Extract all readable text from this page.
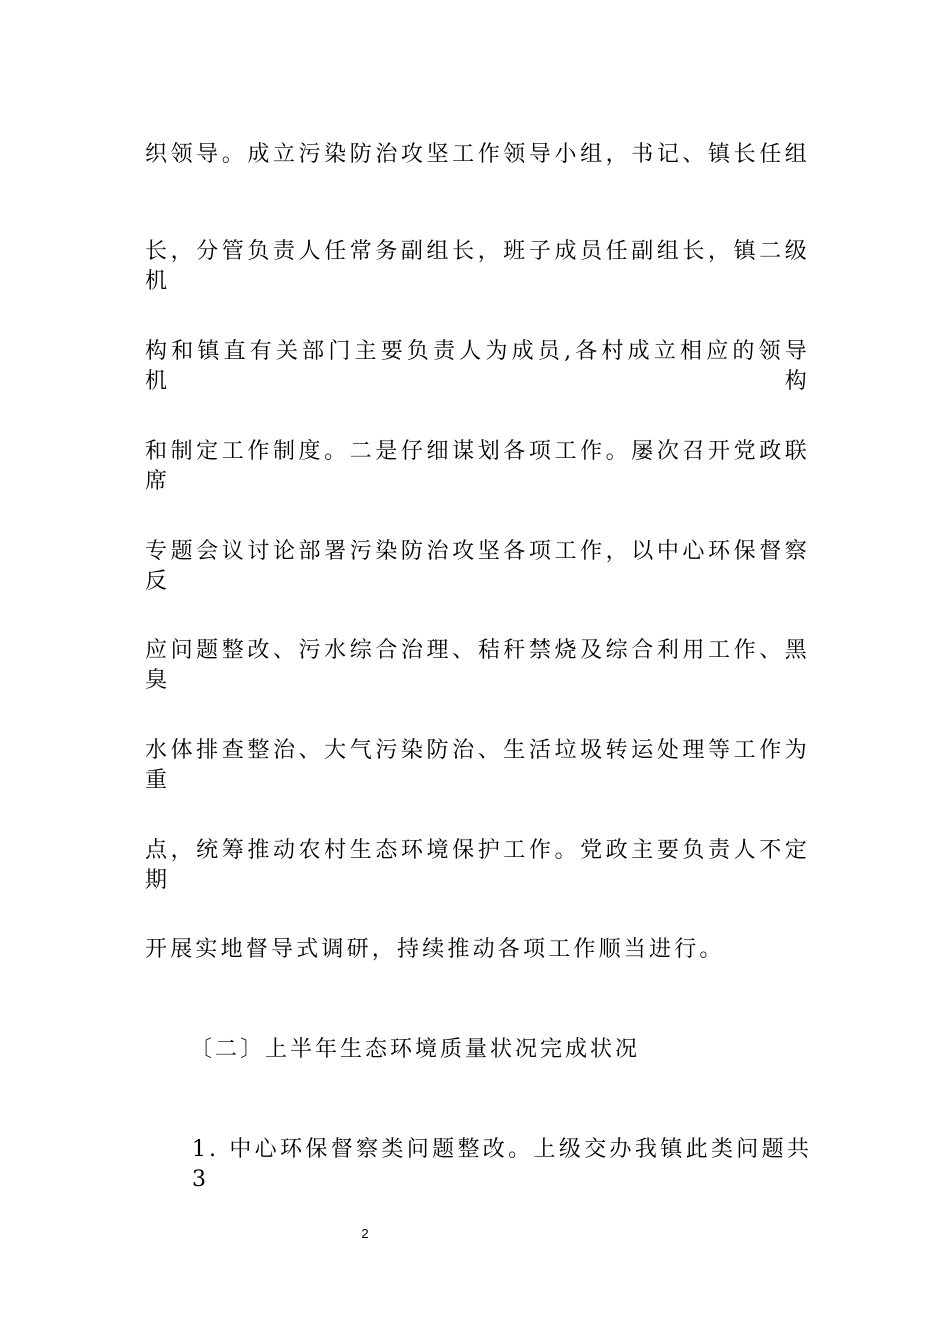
织领导。成立污染防治攻坚工作领导小组，书记、镇长任组
长，分管负责人任常务副组长，班子成员任副组长，镇二级机
构和镇直有关部门主要负责人为成员,各村成立相应的领导机构
和制定工作制度。二是仔细谋划各项工作。屡次召开党政联席
专题会议讨论部署污染防治攻坚各项工作，以中心环保督察反
应问题整改、污水综合治理、秸秆禁烧及综合利用工作、黑臭
水体排查整治、大气污染防治、生活垃圾转运处理等工作为重
点，统筹推动农村生态环境保护工作。党政主要负责人不定期
开展实地督导式调研，持续推动各项工作顺当进行。
〔二〕上半年生态环境质量状况完成状况
1. 中心环保督察类问题整改。上级交办我镇此类问题共 3
2
